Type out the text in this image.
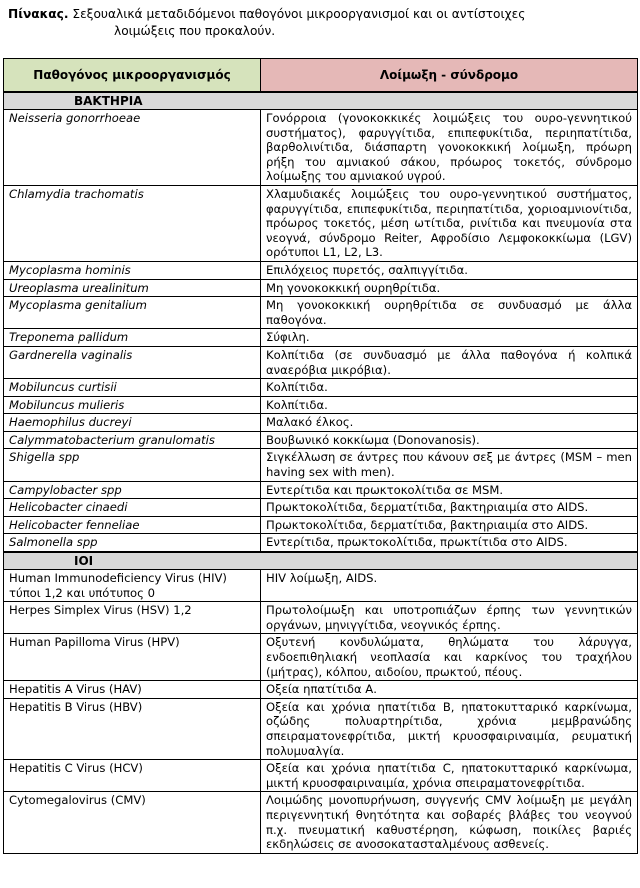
Πίνακας. Σεξουαλικά μεταδιδόμενοι παθογόνοι μικροοργανισμοί και οι αντίστοιχες
λοιμώξεις που προκαλούν.
Παθογόνος μικροοργανισμός	Λοίμωξη - σύνδρομο
ΒΑΚΤΗΡΙΑ	
Neisseria gonorrhoeae	Γονόρροια (γονοκοκκικές λοιμώξεις του ουρο-γεννητικού συστήματος), φαρυγγίτιδα, επιπεφυκίτιδα, περιηπατίτιδα, βαρθολινίτιδα, διάσπαρτη γονοκοκκική λοίμωξη, πρόωρη ρήξη του αμνιακού σάκου, πρόωρος τοκετός, σύνδρομο λοίμωξης του αμνιακού υγρού.
Chlamydia trachomatis	Χλαμυδιακές λοιμώξεις του ουρο-γεννητικού συστήματος, φαρυγγίτιδα, επιπεφυκίτιδα, περιηπατίτιδα, χοριοαμνιονίτιδα, πρόωρος τοκετός, μέση ωτίτιδα, ρινίτιδα και πνευμονία στα νεογνά, σύνδρομο Reiter, Αφροδίσιο Λεμφοκοκκίωμα (LGV) ορότυποι L1, L2, L3.
Mycoplasma hominis	Επιλόχειος πυρετός, σαλπιγγίτιδα.
Ureoplasma urealinitum	Μη γονοκοκκική ουρηθρίτιδα.
Mycoplasma genitalium	Μη γονοκοκκική ουρηθρίτιδα σε συνδυασμό με άλλα παθογόνα.
Treponema pallidum	Σύφιλη.
Gardnerella vaginalis	Κολπίτιδα (σε συνδυασμό με άλλα παθογόνα ή κολπικά αναερόβια μικρόβια).
Mobiluncus curtisii	Κολπίτιδα.
Mobiluncus mulieris	Κολπίτιδα.
Haemophilus ducreyi	Μαλακό έλκος.
Calymmatobacterium granulomatis	Βουβωνικό κοκκίωμα (Donovanosis).
Shigella spp	Σιγκέλλωση σε άντρες που κάνουν σεξ με άντρες (MSM – men having sex with men).
Campylobacter spp	Εντερίτιδα και πρωκτοκολίτιδα σε MSM.
Helicobacter cinaedi	Πρωκτοκολίτιδα, δερματίτιδα, βακτηριαιμία στο AIDS.
Helicobacter fenneliae	Πρωκτοκολίτιδα, δερματίτιδα, βακτηριαιμία στο AIDS.
Salmonella spp	Εντερίτιδα, πρωκτοκολίτιδα, πρωκτίτιδα στο AIDS.
ΙΟΙ	
Human Immunodeficiency Virus (HIV) τύποι 1,2 και υπότυπος 0	HIV λοίμωξη, AIDS.
Herpes Simplex Virus (HSV) 1,2	Πρωτολοίμωξη και υποτροπιάζων έρπης των γεννητικών οργάνων, μηνιγγίτιδα, νεογνικός έρπης.
Human Papilloma Virus (HPV)	Οξυτενή κονδυλώματα, θηλώματα του λάρυγγα, ενδοεπιθηλιακή νεοπλασία και καρκίνος του τραχήλου (μήτρας), κόλπου, αιδοίου, πρωκτού, πέους.
Hepatitis A Virus (HAV)	Οξεία ηπατίτιδα Α.
Hepatitis B Virus (HBV)	Οξεία και χρόνια ηπατίτιδα Β, ηπατοκυτταρικό καρκίνωμα, οζώδης πολυαρτηρίτιδα, χρόνια μεμβρανώδης σπειραματονεφρίτιδα, μικτή κρυοσφαιριναιμία, ρευματική πολυμυαλγία.
Hepatitis C Virus (HCV)	Οξεία και χρόνια ηπατίτιδα C, ηπατοκυτταρικό καρκίνωμα, μικτή κρυοσφαιριναιμία, χρόνια σπειραματονεφρίτιδα.
Cytomegalovirus (CMV)	Λοιμώδης μονοπυρήνωση, συγγενής CMV λοίμωξη με μεγάλη περιγεννητική θνητότητα και σοβαρές βλάβες του νεογνού π.χ. πνευματική καθυστέρηση, κώφωση, ποικίλες βαριές εκδηλώσεις σε ανοσοκατασταλμένους ασθενείς.
